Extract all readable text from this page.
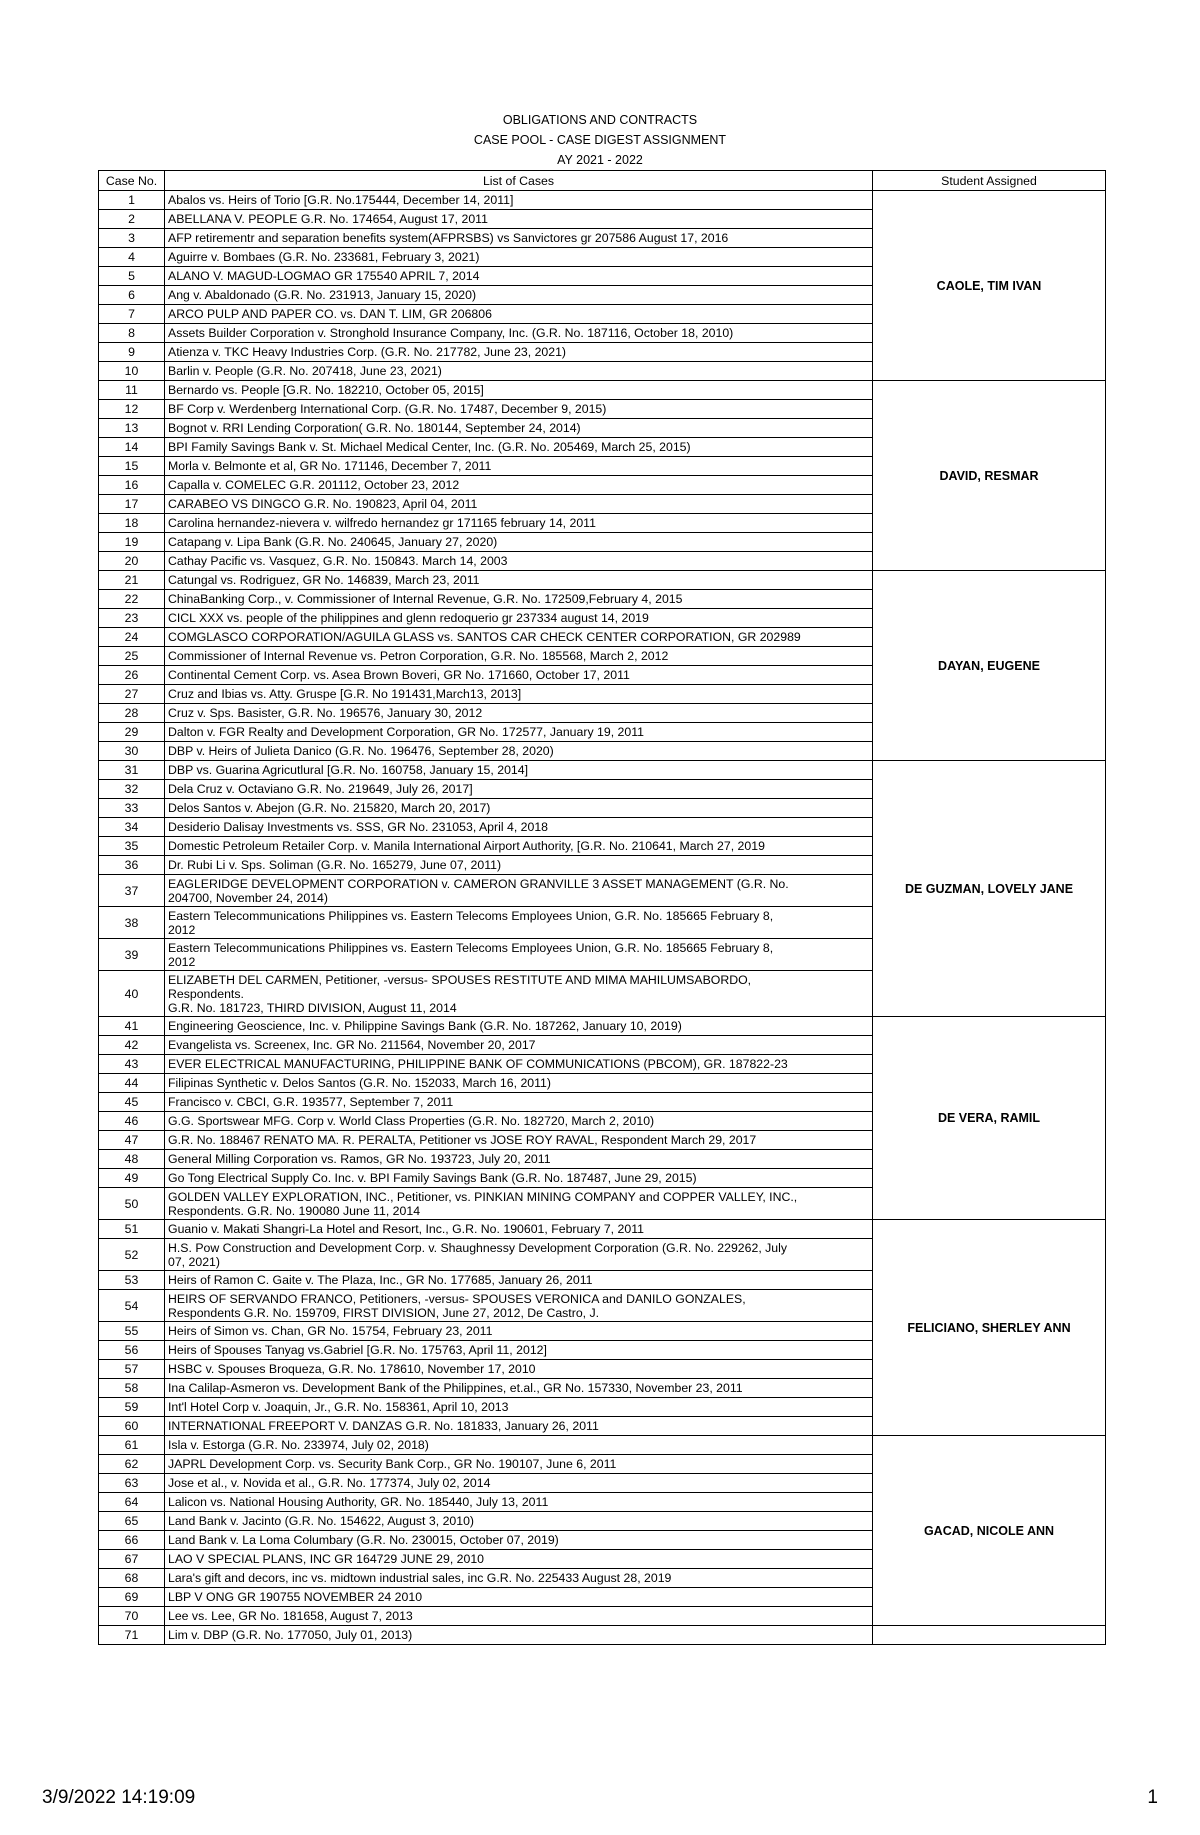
OBLIGATIONS AND CONTRACTS
CASE POOL - CASE DIGEST ASSIGNMENT
AY 2021 - 2022
Case No.	List of Cases	Student Assigned
1	Abalos vs. Heirs of Torio [G.R. No.175444, December 14, 2011]	CAOLE, TIM IVAN
2	ABELLANA V. PEOPLE G.R. No. 174654, August 17, 2011	
3	AFP retirementr and separation benefits system(AFPRSBS) vs Sanvictores gr 207586 August 17, 2016	
4	Aguirre v. Bombaes (G.R. No. 233681, February 3, 2021)	
5	ALANO V. MAGUD-LOGMAO GR 175540 APRIL 7, 2014	
6	Ang v. Abaldonado (G.R. No. 231913, January 15, 2020)	
7	ARCO PULP AND PAPER CO. vs. DAN T. LIM, GR 206806	
8	Assets Builder Corporation v. Stronghold Insurance Company, Inc. (G.R. No. 187116, October 18, 2010)	
9	Atienza v. TKC Heavy Industries Corp. (G.R. No. 217782, June 23, 2021)	
10	Barlin v. People (G.R. No. 207418, June 23, 2021)	
11	Bernardo vs. People [G.R. No. 182210, October 05, 2015]	DAVID, RESMAR
12	BF Corp v. Werdenberg International Corp. (G.R. No. 17487, December 9, 2015)	
13	Bognot v. RRI Lending Corporation( G.R. No. 180144, September 24, 2014)	
14	BPI Family Savings Bank v. St. Michael Medical Center, Inc. (G.R. No. 205469, March 25, 2015)	
15	Morla v. Belmonte et al, GR No. 171146, December 7, 2011	
16	Capalla v. COMELEC G.R. 201112, October 23, 2012	
17	CARABEO VS DINGCO G.R. No. 190823, April 04, 2011	
18	Carolina hernandez-nievera v. wilfredo hernandez gr 171165 february 14, 2011	
19	Catapang v. Lipa Bank (G.R. No. 240645, January 27, 2020)	
20	Cathay Pacific vs. Vasquez, G.R. No. 150843. March 14, 2003	
21	Catungal vs. Rodriguez, GR No. 146839, March 23, 2011	DAYAN, EUGENE
22	ChinaBanking Corp., v. Commissioner of Internal Revenue, G.R. No. 172509,February 4, 2015	
23	CICL XXX vs. people of the philippines and glenn redoquerio gr 237334 august 14, 2019	
24	COMGLASCO CORPORATION/AGUILA GLASS vs. SANTOS CAR CHECK CENTER CORPORATION, GR 202989	
25	Commissioner of Internal Revenue vs. Petron Corporation, G.R. No. 185568, March 2, 2012	
26	Continental Cement Corp. vs. Asea Brown Boveri, GR No. 171660, October 17, 2011	
27	Cruz and Ibias vs. Atty. Gruspe [G.R. No 191431,March13, 2013]	
28	Cruz v. Sps. Basister, G.R. No. 196576, January 30, 2012	
29	Dalton v. FGR Realty and Development Corporation, GR No. 172577, January 19, 2011	
30	DBP v. Heirs of Julieta Danico (G.R. No. 196476, September 28, 2020)	
31	DBP vs. Guarina Agricutlural [G.R. No. 160758, January 15, 2014]	DE GUZMAN, LOVELY JANE
32	Dela Cruz v. Octaviano G.R. No. 219649, July 26, 2017]	
33	Delos Santos v. Abejon (G.R. No. 215820, March 20, 2017)	
34	Desiderio Dalisay Investments vs. SSS, GR No. 231053, April 4, 2018	
35	Domestic Petroleum Retailer Corp. v. Manila International Airport Authority, [G.R. No. 210641, March 27, 2019	
36	Dr. Rubi Li v. Sps. Soliman (G.R. No. 165279, June 07, 2011)	
37	EAGLERIDGE DEVELOPMENT CORPORATION v. CAMERON GRANVILLE 3 ASSET MANAGEMENT (G.R. No.
204700, November 24, 2014)	

38	Eastern Telecommunications Philippines vs. Eastern Telecoms Employees Union, G.R. No. 185665 February 8,
2012	

39	Eastern Telecommunications Philippines vs. Eastern Telecoms Employees Union, G.R. No. 185665 February 8,
2012	

40	ELIZABETH DEL CARMEN, Petitioner, -versus- SPOUSES RESTITUTE AND MIMA MAHILUMSABORDO,
Respondents.
G.R. No. 181723, THIRD DIVISION, August 11, 2014	

41	Engineering Geoscience, Inc. v. Philippine Savings Bank (G.R. No. 187262, January 10, 2019)	DE VERA, RAMIL
42	Evangelista vs. Screenex, Inc. GR No. 211564, November 20, 2017	
43	EVER ELECTRICAL MANUFACTURING, PHILIPPINE BANK OF COMMUNICATIONS (PBCOM), GR. 187822-23	
44	Filipinas Synthetic v. Delos Santos (G.R. No. 152033, March 16, 2011)	
45	Francisco v. CBCI, G.R. 193577, September 7, 2011	
46	G.G. Sportswear MFG. Corp v. World Class Properties (G.R. No. 182720, March 2, 2010)	
47	G.R. No. 188467 RENATO MA. R. PERALTA, Petitioner vs JOSE ROY RAVAL, Respondent March 29, 2017	
48	General Milling Corporation vs. Ramos, GR No. 193723, July 20, 2011	
49	Go Tong Electrical Supply Co. Inc. v. BPI Family Savings Bank (G.R. No. 187487, June 29, 2015)	
50	GOLDEN VALLEY EXPLORATION, INC., Petitioner, vs. PINKIAN MINING COMPANY and COPPER VALLEY, INC.,
Respondents. G.R. No. 190080 June 11, 2014	

51	Guanio v. Makati Shangri-La Hotel and Resort, Inc., G.R. No. 190601, February 7, 2011	FELICIANO, SHERLEY ANN
52	H.S. Pow Construction and Development Corp. v. Shaughnessy Development Corporation (G.R. No. 229262, July
07, 2021)	

53	Heirs of Ramon C. Gaite v. The Plaza, Inc., GR No. 177685, January 26, 2011	
54	HEIRS OF SERVANDO FRANCO, Petitioners, -versus- SPOUSES VERONICA and DANILO GONZALES,
Respondents G.R. No. 159709, FIRST DIVISION, June 27, 2012, De Castro, J.	

55	Heirs of Simon vs. Chan, GR No. 15754, February 23, 2011	
56	Heirs of Spouses Tanyag vs.Gabriel [G.R. No. 175763, April 11, 2012]	
57	HSBC v. Spouses Broqueza, G.R. No. 178610, November 17, 2010	
58	Ina Calilap-Asmeron vs. Development Bank of the Philippines, et.al., GR No. 157330, November 23, 2011	
59	Int'l Hotel Corp v. Joaquin, Jr., G.R. No. 158361, April 10, 2013	
60	INTERNATIONAL FREEPORT V. DANZAS G.R. No. 181833, January 26, 2011	
61	Isla v. Estorga (G.R. No. 233974, July 02, 2018)	GACAD, NICOLE ANN
62	JAPRL Development Corp. vs. Security Bank Corp., GR No. 190107, June 6, 2011	
63	Jose et al., v. Novida et al., G.R. No. 177374, July 02, 2014	
64	Lalicon vs. National Housing Authority, GR. No. 185440, July 13, 2011	
65	Land Bank v. Jacinto (G.R. No. 154622, August 3, 2010)	
66	Land Bank v. La Loma Columbary (G.R. No. 230015, October 07, 2019)	
67	LAO V SPECIAL PLANS, INC GR 164729 JUNE 29, 2010	
68	Lara's gift and decors, inc vs. midtown industrial sales, inc G.R. No. 225433 August 28, 2019	
69	LBP V ONG GR 190755 NOVEMBER 24 2010	
70	Lee vs. Lee, GR No. 181658, August 7, 2013	
71	Lim v. DBP (G.R. No. 177050, July 01, 2013)	
3/9/2022 14:19:09	1
